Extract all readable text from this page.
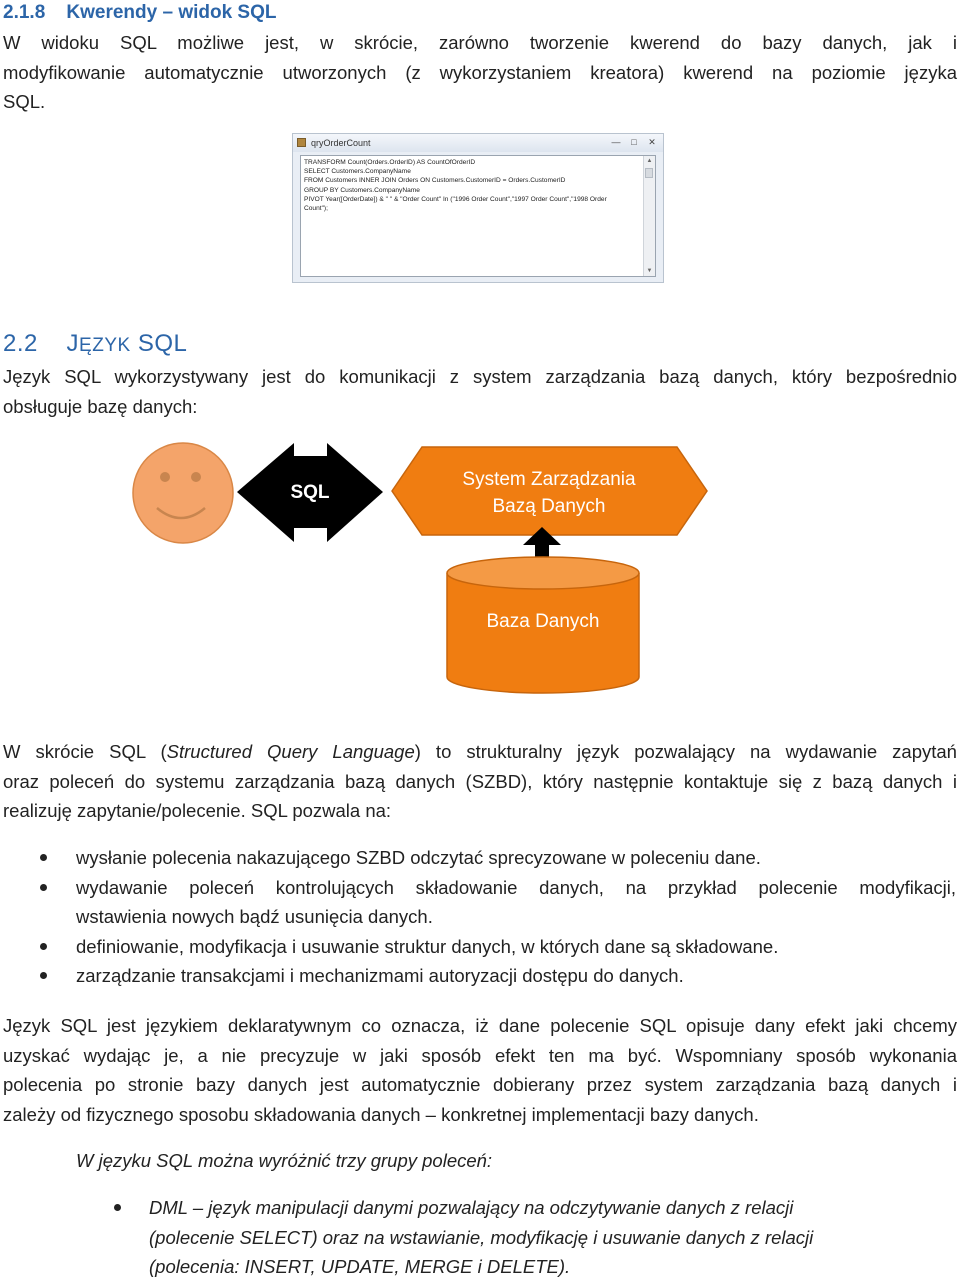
2.1.8 Kwerendy – widok SQL
W widoku SQL możliwe jest, w skrócie, zarówno tworzenie kwerend do bazy danych, jak i
modyfikowanie automatycznie utworzonych (z wykorzystaniem kreatora) kwerend na poziomie języka
SQL.
qryOrderCount	—	□	✕
TRANSFORM Count(Orders.OrderID) AS CountOfOrderID
SELECT Customers.CompanyName
FROM Customers INNER JOIN Orders ON Customers.CustomerID = Orders.CustomerID
GROUP BY Customers.CompanyName
PIVOT Year([OrderDate]) & " " & "Order Count" In ("1996 Order Count","1997 Order Count","1998 Order
Count");
▲
▼
2.2 JĘZYK SQL
Język SQL wykorzystywany jest do komunikacji z system zarządzania bazą danych, który bezpośrednio
obsługuje bazę danych:
SQL
System Zarządzania
Bazą Danych
Baza Danych
W skrócie SQL (Structured Query Language) to strukturalny język pozwalający na wydawanie zapytań
oraz poleceń do systemu zarządzania bazą danych (SZBD), który następnie kontaktuje się z bazą danych i
realizuję zapytanie/polecenie. SQL pozwala na:
wysłanie polecenia nakazującego SZBD odczytać sprecyzowane w poleceniu dane.
wydawanie poleceń kontrolujących składowanie danych, na przykład polecenie modyfikacji,
wstawienia nowych bądź usunięcia danych.
definiowanie, modyfikacja i usuwanie struktur danych, w których dane są składowane.
zarządzanie transakcjami i mechanizmami autoryzacji dostępu do danych.
Język SQL jest językiem deklaratywnym co oznacza, iż dane polecenie SQL opisuje dany efekt jaki chcemy
uzyskać wydając je, a nie precyzuje w jaki sposób efekt ten ma być. Wspomniany sposób wykonania
polecenia po stronie bazy danych jest automatycznie dobierany przez system zarządzania bazą danych i
zależy od fizycznego sposobu składowania danych – konkretnej implementacji bazy danych.
W języku SQL można wyróżnić trzy grupy poleceń:
DML – język manipulacji danymi pozwalający na odczytywanie danych z relacji
(polecenie SELECT) oraz na wstawianie, modyfikację i usuwanie danych z relacji
(polecenia: INSERT, UPDATE, MERGE i DELETE).
